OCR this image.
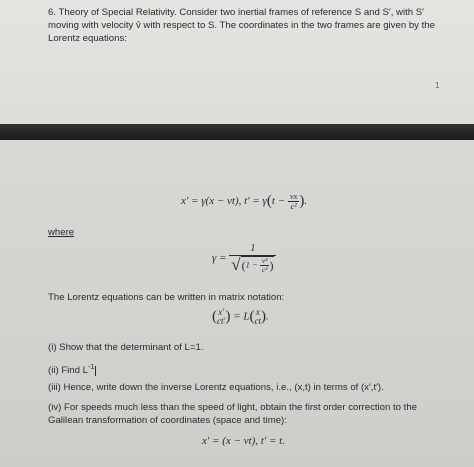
6. Theory of Special Relativity. Consider two inertial frames of reference S and S′, with S′
moving with velocity v̂ with respect to S. The coordinates in the two frames are given by the
Lorentz equations:
1
x′ = γ(x − vt), $t' = \gamma(t - \frac{vx}{\text{c²}}$ ).
where
$\gamma = \frac{1}{√(1 - \frac{\text{v²}}{\text{c²}} )}$
The Lorentz equations can be written in matrix notation:
( x′
ct′ ) = L( x
ct ).
(i) Show that the determinant of L=1.
(ii) Find $L^{-1}$
(iii) Hence, write down the inverse Lorentz equations, i.e., (x,t) in terms of (x′,t′).
(iv) For speeds much less than the speed of light, obtain the first order correction to the
Galilean transformation of coordinates (space and time):
x′ = (x − vt), t′ = t.
